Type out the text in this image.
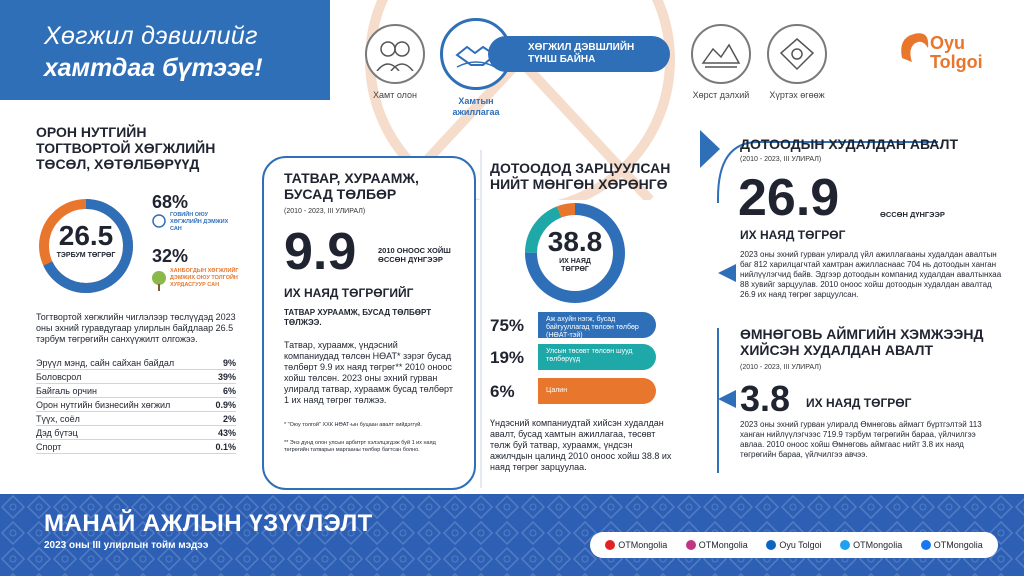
Хөгжил дэвшлийг
хамтдаа бүтээе!
Хамт олон
Хамтын ажиллагаа
ХӨГЖИЛ ДЭВШЛИЙН ТҮНШ БАЙНА
Хөрст дэлхий	Хүртэх өгөөж
Oyu
Tolgoi
ОРОН НУТГИЙН ТОГТВОРТОЙ ХӨГЖЛИЙН ТӨСӨЛ, ХӨТӨЛБӨРҮҮД
26.5
ТЭРБУМ ТӨГРӨГ
68%
ГОВИЙН ОЮУ ХӨГЖЛИЙН ДЭМЖИХ САН
32%
ХАНБОГДЫН ХӨГЖЛИЙГ ДЭМЖИХ ОЮУ ТОЛГОЙН ХУРДАСГУУР САН
Тогтвортой хөгжлийн чиглэлээр төслүүдэд 2023 оны эхний гуравдугаар улирлын байдлаар 26.5 тэрбум төгрөгийн санхүүжилт олгожээ.
Эрүүл мэнд, сайн сайхан байдал	9%
Боловсрол	39%
Байгаль орчин	6%
Орон нутгийн бизнесийн хөгжил	0.9%
Түүх, соёл	2%
Дэд бүтэц	43%
Спорт	0.1%
ТАТВАР, ХУРААМЖ, БУСАД ТӨЛБӨР
(2010 - 2023, III УЛИРАЛ)
9.9	2010 ОНООС ХОЙШ ӨССӨН ДҮНГЭЭР
ИХ НАЯД ТӨГРӨГИЙГ
ТАТВАР ХУРААМЖ, БУСАД ТӨЛБӨРТ ТӨЛЖЭЭ.
Татвар, хураамж, үндэсний компаниудад төлсөн НӨАТ* зэрэг бусад төлбөрт 9.9 их наяд төгрөг** 2010 оноос хойш төлсөн. 2023 оны эхний гурван улиралд татвар, хураамж бусад төлбөрт 1 их наяд төгрөг төлжээ.
* "Оюу толгой" ХХК НӨАТ-ын буцаан авалт хийдэггүй.
** Энэ дүнд олон улсын арбитрт хэлэлцэгдэж буй 1 их наяд төгрөгийн татварын маргааны төлбөр багтсан болно.
ДОТООДОД ЗАРЦУУЛСАН НИЙТ МӨНГӨН ХӨРӨНГӨ
38.8
ИХ НАЯД ТӨГРӨГ
75%	Аж ахуйн нэгж, бусад байгууллагад төлсөн төлбөр (НӨАТ-тэй)
19%	Улсын төсөвт төлсөн шууд төлбөрүүд
6%	Цалин
Үндэсний компаниудтай хийсэн худалдан авалт, бусад хамтын ажиллагаа, төсөвт төлж буй татвар, хураамж, үндсэн ажилчдын цалинд 2010 оноос хойш 38.8 их наяд төгрөг зарцуулаа.
ДОТООДЫН ХУДАЛДАН АВАЛТ
(2010 - 2023, III УЛИРАЛ)
26.9	ӨССӨН ДҮНГЭЭР
ИХ НАЯД ТӨГРӨГ
2023 оны эхний гурван улиралд үйл ажиллагааны худалдан авалтын баг 812 харилцагчтай хамтран ажилласнаас 704 нь дотоодын ханган нийлүүлэгчид байв. Эдгээр дотоодын компанид худалдан авалтынхаа 88 хувийг зарцуулав. 2010 оноос хойш дотоодын худалдан авалтад 26.9 их наяд төгрөг зарцуулсан.
ӨМНӨГОВЬ АЙМГИЙН ХЭМЖЭЭНД ХИЙСЭН ХУДАЛДАН АВАЛТ
(2010 - 2023, III УЛИРАЛ)
3.8 ИХ НАЯД ТӨГРӨГ
2023 оны эхний гурван улиралд Өмнөговь аймагт бүртгэлтэй 113 ханган нийлүүлэгчээс 719.9 тэрбум төгрөгийн бараа, үйлчилгээ авлаа. 2010 оноос хойш Өмнөговь аймгаас нийт 3.8 их наяд төгрөгийн бараа, үйлчилгээ авчээ.
МАНАЙ АЖЛЫН ҮЗҮҮЛЭЛТ
2023 оны III улирлын тойм мэдээ	OTMongolia	OTMongolia	Oyu Tolgoi	OTMongolia	OTMongolia
